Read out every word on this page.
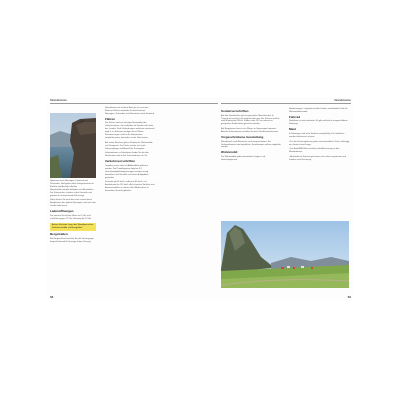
Skandinavien

Spielraum nach Norwegen, Finnland und Schweden. Nachgehen bitte Gelegenheiten bei Einfahrt und Ausfahrt. Auf der Hauptverkehrsstraße befinden sich Mautstellen. Die Nutzung des Landes ist der Kontrolle und geboten für ausreichende Fahrzeuge.

Dabei fahren Sie stets den auch ausreichend Bergbahnen des gebiets Norwegen und auch den Landschaftsrouten.

Ladenöffnungen

Die meisten Geschäfte öffnen um 9 Uhr und schließen gegen 17 Uhr, Samstag bis 14 Uhr.

Achten Sie beim Lesen der Skandinavischen Verkehrsschilder auf Bussgelder!
Bergstraßen

Bei Bergstraßen beachten Sie die Vorrangregel, bergauf fahrende Fahrzeuge haben Vorrang.

Skandinavien ist mit dem Auto gut zu erreichen. Mehrere Fähren verbinden Deutschland mit Norwegen, Schweden und Dänemark sowie Finnland.

Fähren

Die Fähren sind ein wichtiger Bestandteil des Verkehrsnetzes. Sie verbinden die Fjorde und Inseln des Landes. Viele Verbindungen verkehren mehrmals täglich, im Sommer häufiger als im Winter. Reservierungen sind für die Hauptrouten empfehlenswert, besonders in der Hochsaison.

Auf vielen Strecken gibt es Rabatte für Wohnmobile und Gespanne. Die Preise richten sich nach Fahrzeuglänge und Anzahl der Passagiere.

Informationen zu Fahrplänen finden Sie bei den Reedereien und in den Touristenbüros vor Ort.

Verkehrsvorschriften

Tagsüber muss stets mit Abblendlicht gefahren werden. Die Promillegrenze liegt bei 0,2. Geschwindigkeitsbegrenzungen werden streng kontrolliert und Verstöße mit hohen Bußgeldern geahndet.

Innerorts gilt 50 km/h, außerorts 80 km/h, auf Autobahnen bis 110 km/h. Auf schmalen Straßen sind Ausweichstellen zu nutzen. Bei Wildwechsel ist besondere Vorsicht geboten.

68
Skandinavien
Sonderverschriften

Auf den Fjordstraßen gilt ein generelles Überholverbot. In Tunneln muss das Licht eingeschaltet sein. Bei Schnee und Eis sind Winterreifen Pflicht. Kinder unter 135 cm müssen in geeigneten Kindersitzen gesichert werden.

Auf Bergpässen kann es im Winter zu Sperrungen kommen. Aktuelle Informationen erhalten Sie beim Straßenverkehrsamt.

Vorgeschriebene Ausstattung

Warndreieck und Warnweste sind vorgeschrieben. Ein Verbandskasten wird empfohlen. Ersatzlampen sollten mitgeführt werden.

Wohnmobil

Für Wohnmobile gelten besondere Längen- und Gewichtsgrenzen.

Nordnorwegen, Lappland und die Lofoten sind beliebte Ziele für Wohnmobilreisende.

Fahrrad

Radfahren ist weit verbreitet. Es gibt zahlreiche ausgeschilderte Radwege.

Maut

In Norwegen sind viele Straßen mautpflichtig. Die Gebühren werden elektronisch erfasst.

• Für die Fahrzeugklasse gelten unterschiedliche Tarife, abhängig von Gewicht und Länge.

• Die AutoPASS-Box erleichtert die Abrechnung an den Mautstationen.

• Ausländische Fahrzeuge können sich online registrieren und erhalten eine Rechnung.

69
